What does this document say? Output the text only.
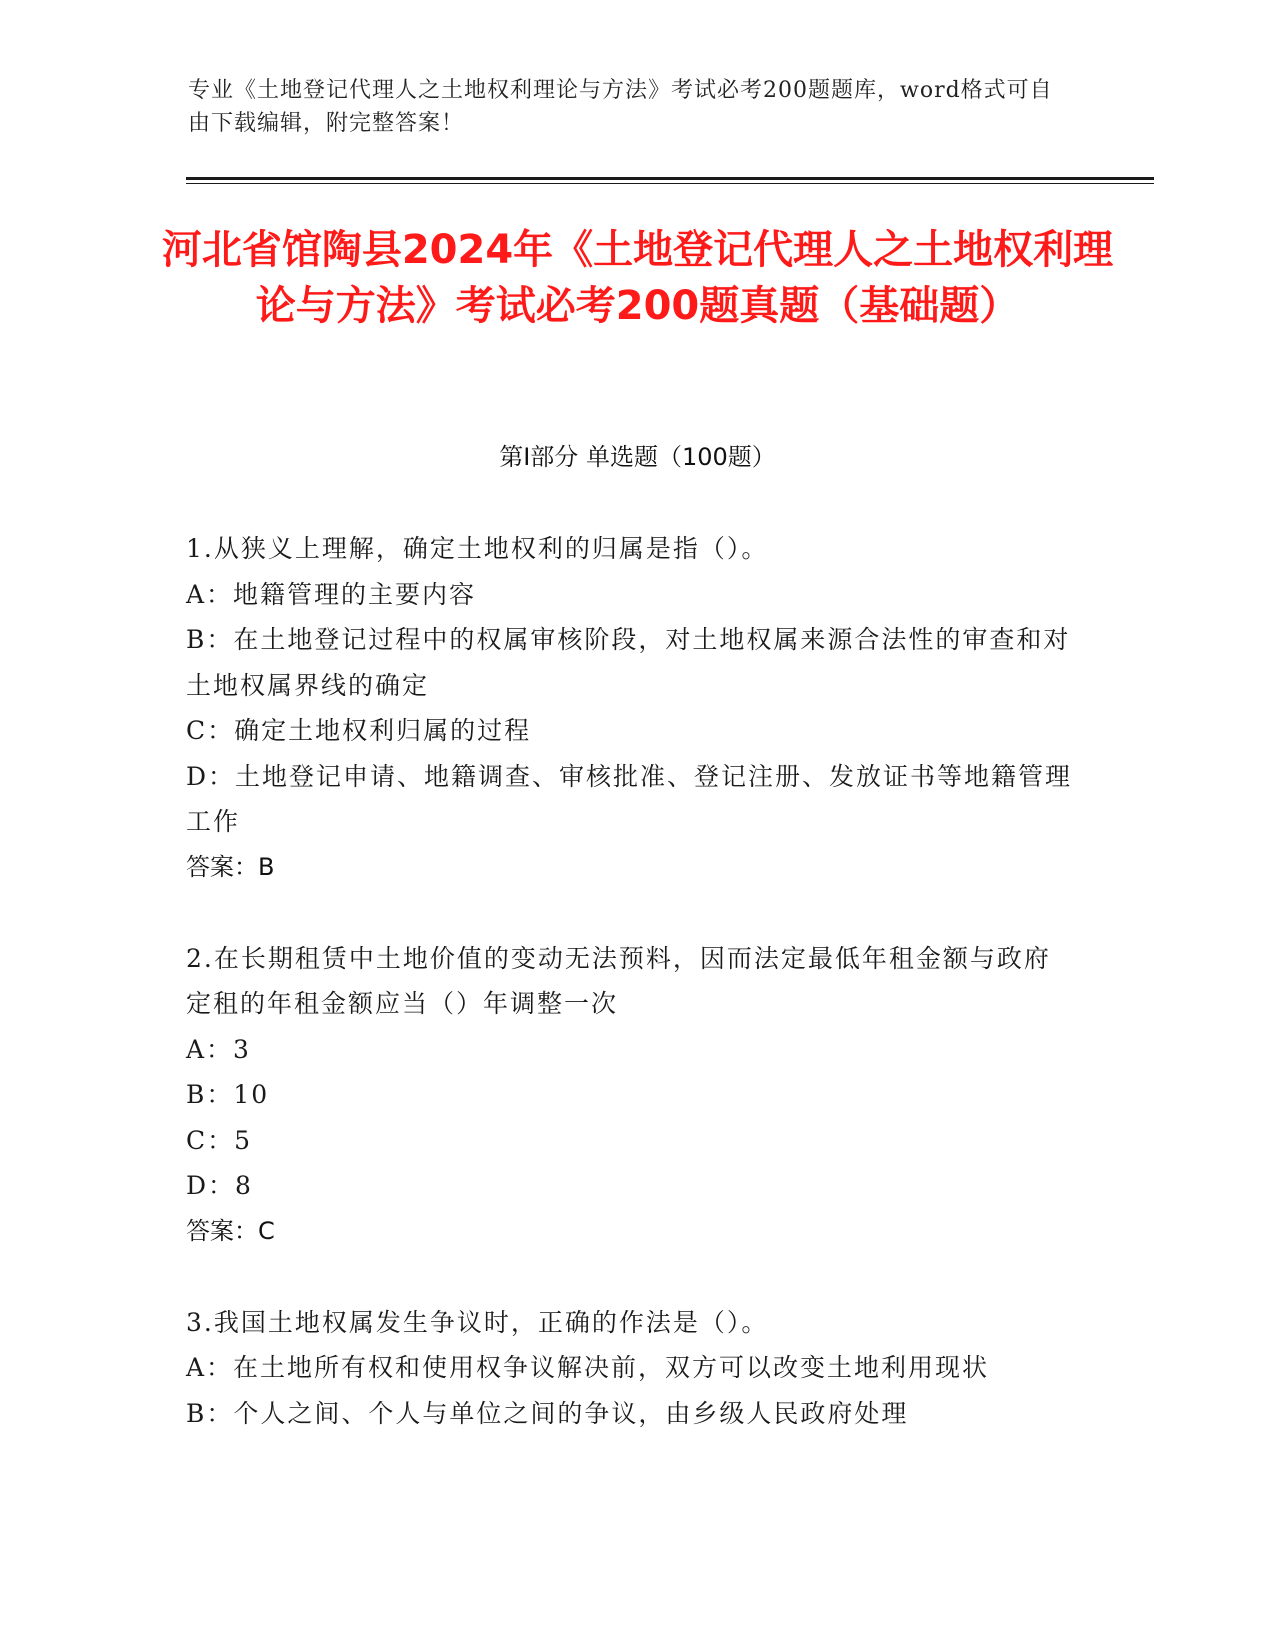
专业《土地登记代理人之土地权利理论与方法》考试必考200题题库，word格式可自由下载编辑，附完整答案！
河北省馆陶县2024年《土地登记代理人之土地权利理论与方法》考试必考200题真题（基础题）
第I部分 单选题（100题）
1.从狭义上理解，确定土地权利的归属是指（）。
A：地籍管理的主要内容
B：在土地登记过程中的权属审核阶段，对土地权属来源合法性的审查和对土地权属界线的确定
C：确定土地权利归属的过程
D：土地登记申请、地籍调查、审核批准、登记注册、发放证书等地籍管理工作
答案：B
2.在长期租赁中土地价值的变动无法预料，因而法定最低年租金额与政府定租的年租金额应当（）年调整一次
A：3
B：10
C：5
D：8
答案：C
3.我国土地权属发生争议时，正确的作法是（）。
A：在土地所有权和使用权争议解决前，双方可以改变土地利用现状
B：个人之间、个人与单位之间的争议，由乡级人民政府处理
